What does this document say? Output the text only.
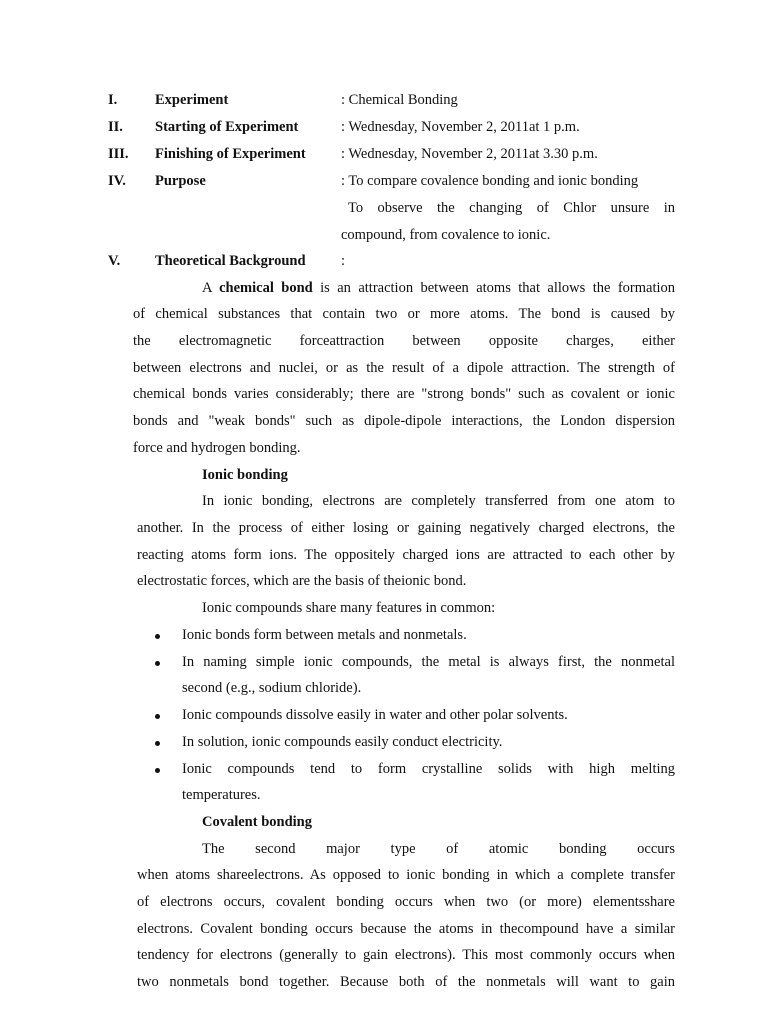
I.	Experiment	: Chemical Bonding
II. Starting of Experiment	: Wednesday, November 2, 2011at 1 p.m.
III. Finishing of Experiment : Wednesday, November 2, 2011at 3.30 p.m.
IV. Purpose	: To compare covalence bonding and ionic bonding
To observe the changing of Chlor unsure in
compound, from covalence to ionic.
V. Theoretical Background :
A chemical bond is an attraction between atoms that allows the formation
of chemical substances that contain two or more atoms. The bond is caused by
the electromagnetic forceattraction between opposite charges, either
between electrons and nuclei, or as the result of a dipole attraction. The strength of
chemical bonds varies considerably; there are "strong bonds" such as covalent or ionic
bonds and "weak bonds" such as dipole-dipole interactions, the London dispersion
force and hydrogen bonding.
Ionic bonding
In ionic bonding, electrons are completely transferred from one atom to
another. In the process of either losing or gaining negatively charged electrons, the
reacting atoms form ions. The oppositely charged ions are attracted to each other by
electrostatic forces, which are the basis of theionic bond.
Ionic compounds share many features in common:
Ionic bonds form between metals and nonmetals.
In naming simple ionic compounds, the metal is always first, the nonmetal
second (e.g., sodium chloride).
Ionic compounds dissolve easily in water and other polar solvents.
In solution, ionic compounds easily conduct electricity.
Ionic compounds tend to form crystalline solids with high melting
temperatures.
Covalent bonding
The second major type of atomic bonding occurs
when atoms shareelectrons. As opposed to ionic bonding in which a complete transfer
of electrons occurs, covalent bonding occurs when two (or more) elementsshare
electrons. Covalent bonding occurs because the atoms in thecompound have a similar
tendency for electrons (generally to gain electrons). This most commonly occurs when
two nonmetals bond together. Because both of the nonmetals will want to gain
